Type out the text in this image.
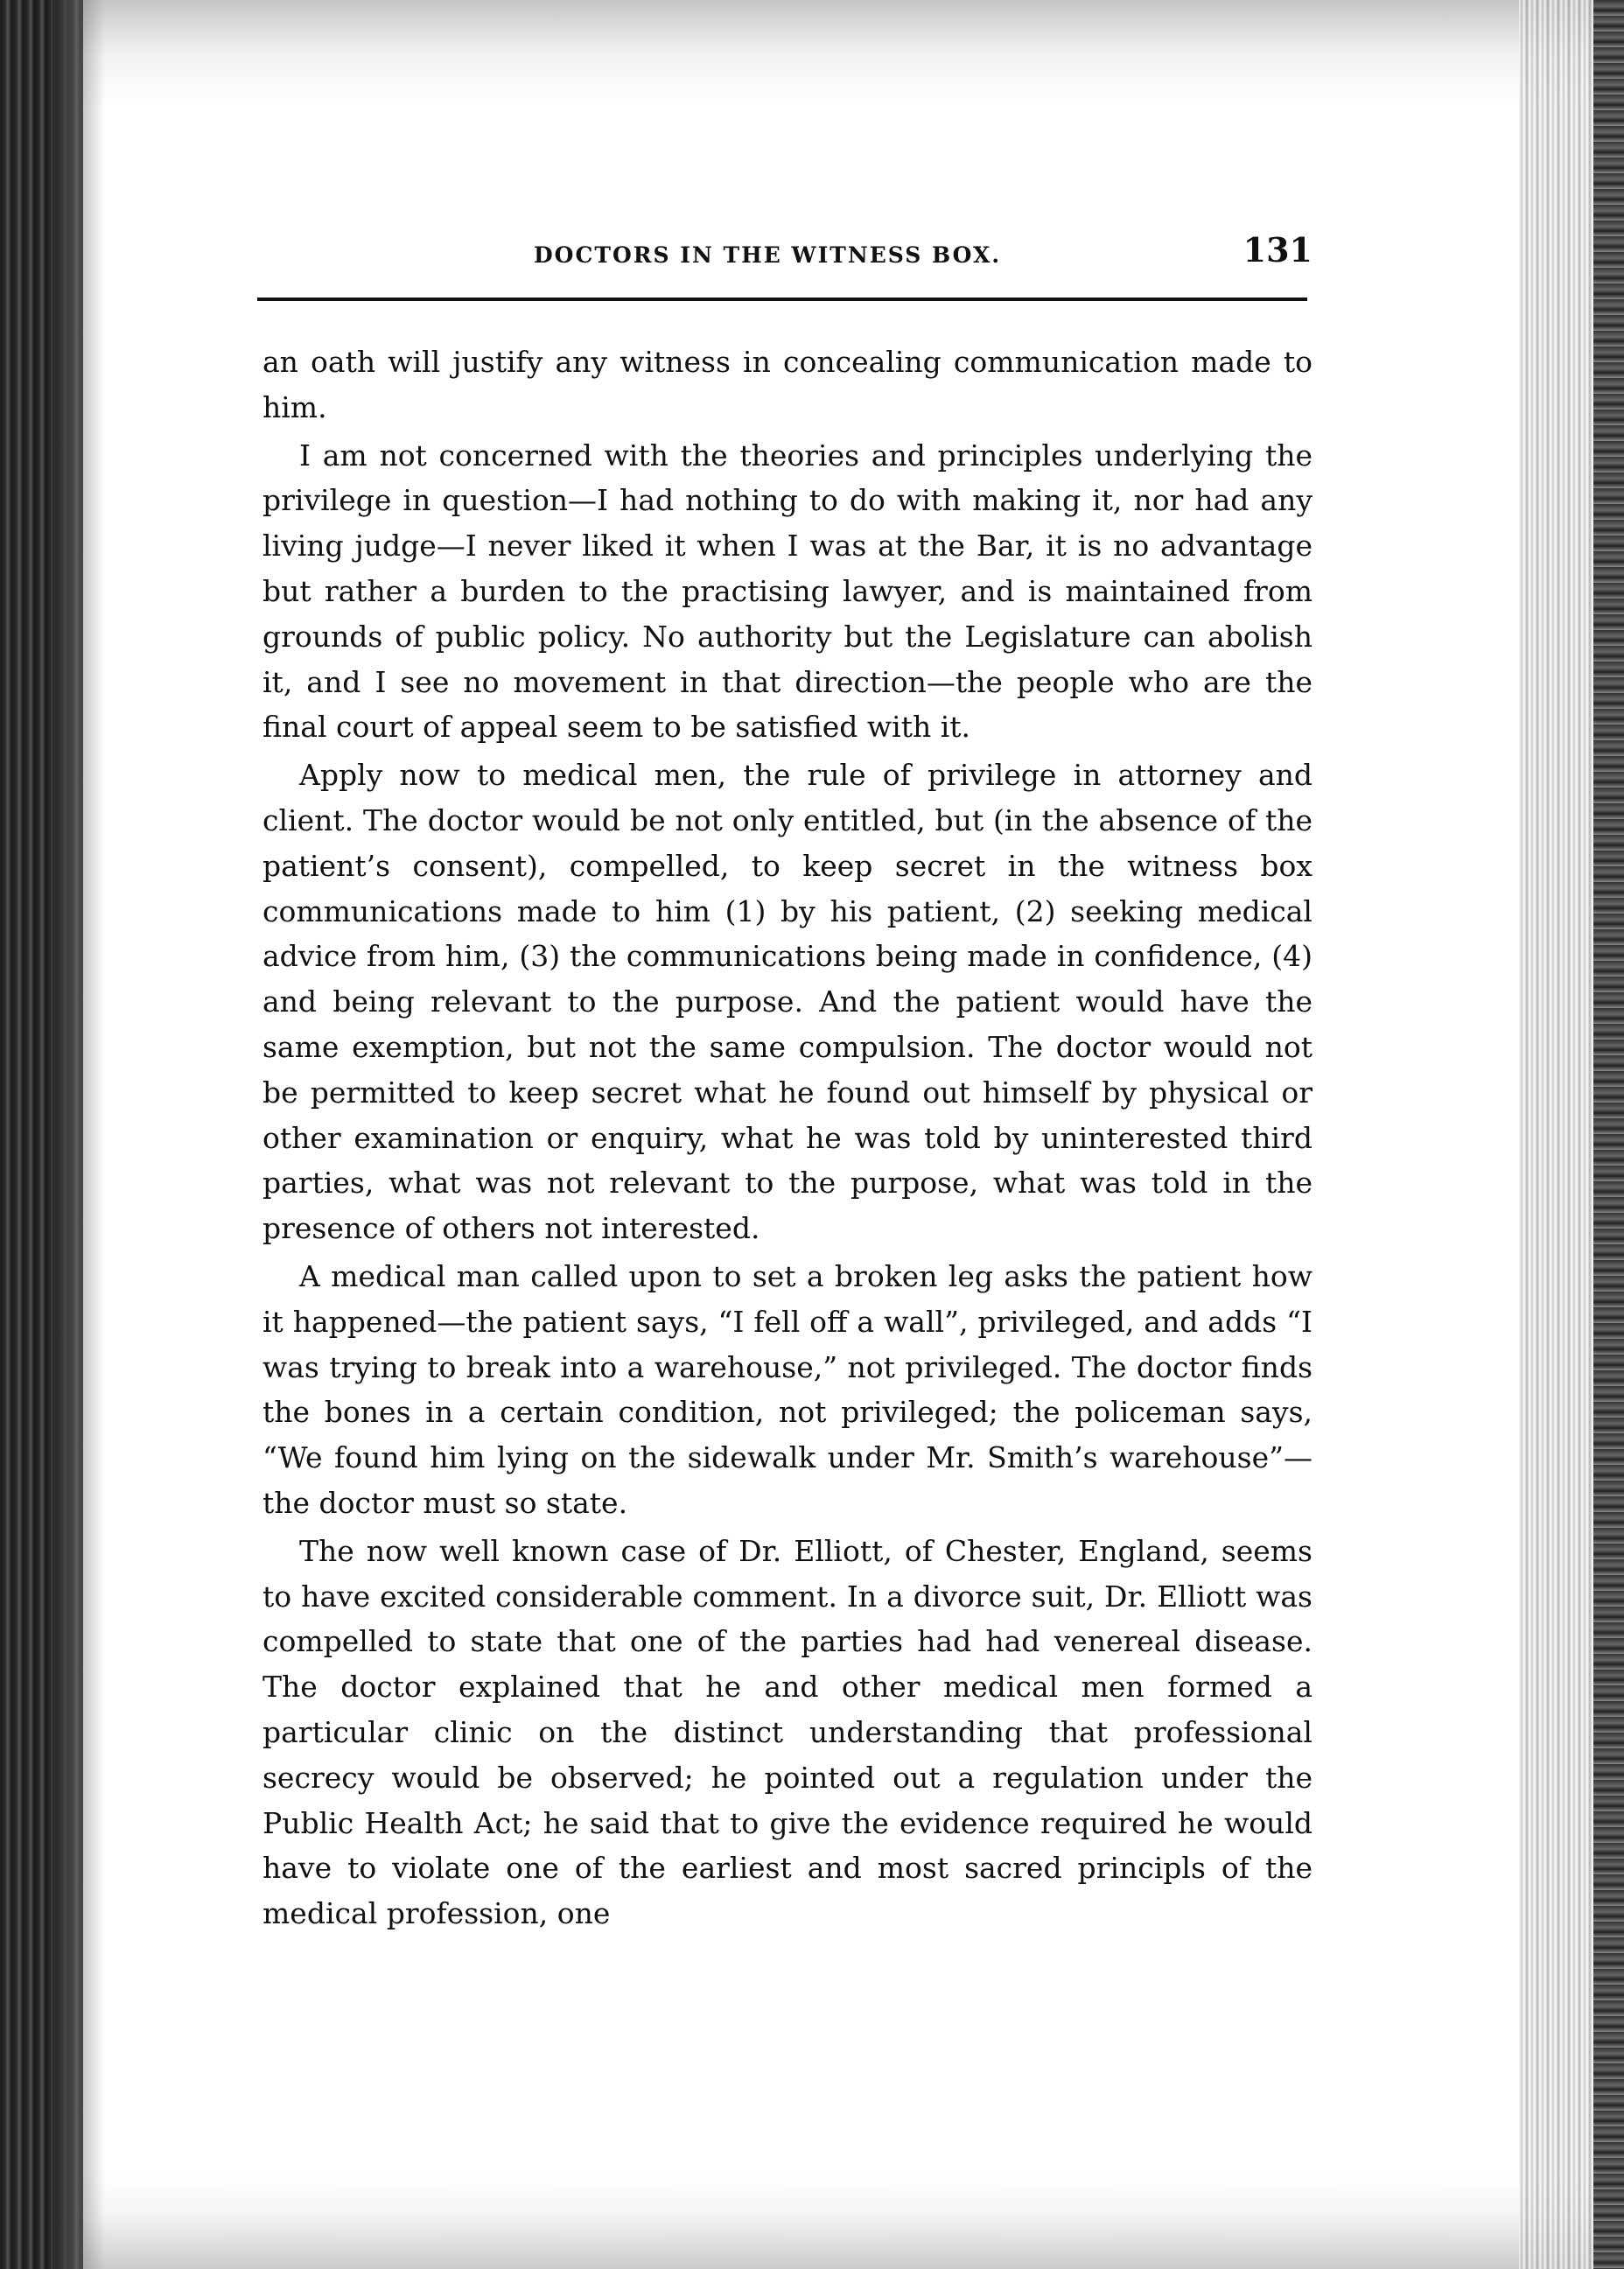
DOCTORS IN THE WITNESS BOX.	131

an oath will justify any witness in concealing communication made to him.

I am not concerned with the theories and principles underlying the privilege in question—I had nothing to do with making it, nor had any living judge—I never liked it when I was at the Bar, it is no advantage but rather a burden to the practising lawyer, and is maintained from grounds of public policy. No authority but the Legislature can abolish it, and I see no movement in that direction—the people who are the final court of appeal seem to be satisfied with it.

Apply now to medical men, the rule of privilege in attorney and client. The doctor would be not only entitled, but (in the absence of the patient’s consent), compelled, to keep secret in the witness box communications made to him (1) by his patient, (2) seeking medical advice from him, (3) the communications being made in confidence, (4) and being relevant to the purpose. And the patient would have the same exemption, but not the same compulsion. The doctor would not be permitted to keep secret what he found out himself by physical or other examination or enquiry, what he was told by uninterested third parties, what was not relevant to the purpose, what was told in the presence of others not interested.

A medical man called upon to set a broken leg asks the patient how it happened—the patient says, “I fell off a wall”, privileged, and adds “I was trying to break into a warehouse,” not privileged. The doctor finds the bones in a certain condition, not privileged; the policeman says, “We found him lying on the sidewalk under Mr. Smith’s warehouse”—the doctor must so state.

The now well known case of Dr. Elliott, of Chester, England, seems to have excited considerable comment. In a divorce suit, Dr. Elliott was compelled to state that one of the parties had had venereal disease. The doctor explained that he and other medical men formed a particular clinic on the distinct understanding that professional secrecy would be observed; he pointed out a regulation under the Public Health Act; he said that to give the evidence required he would have to violate one of the earliest and most sacred principls of the medical profession, one
